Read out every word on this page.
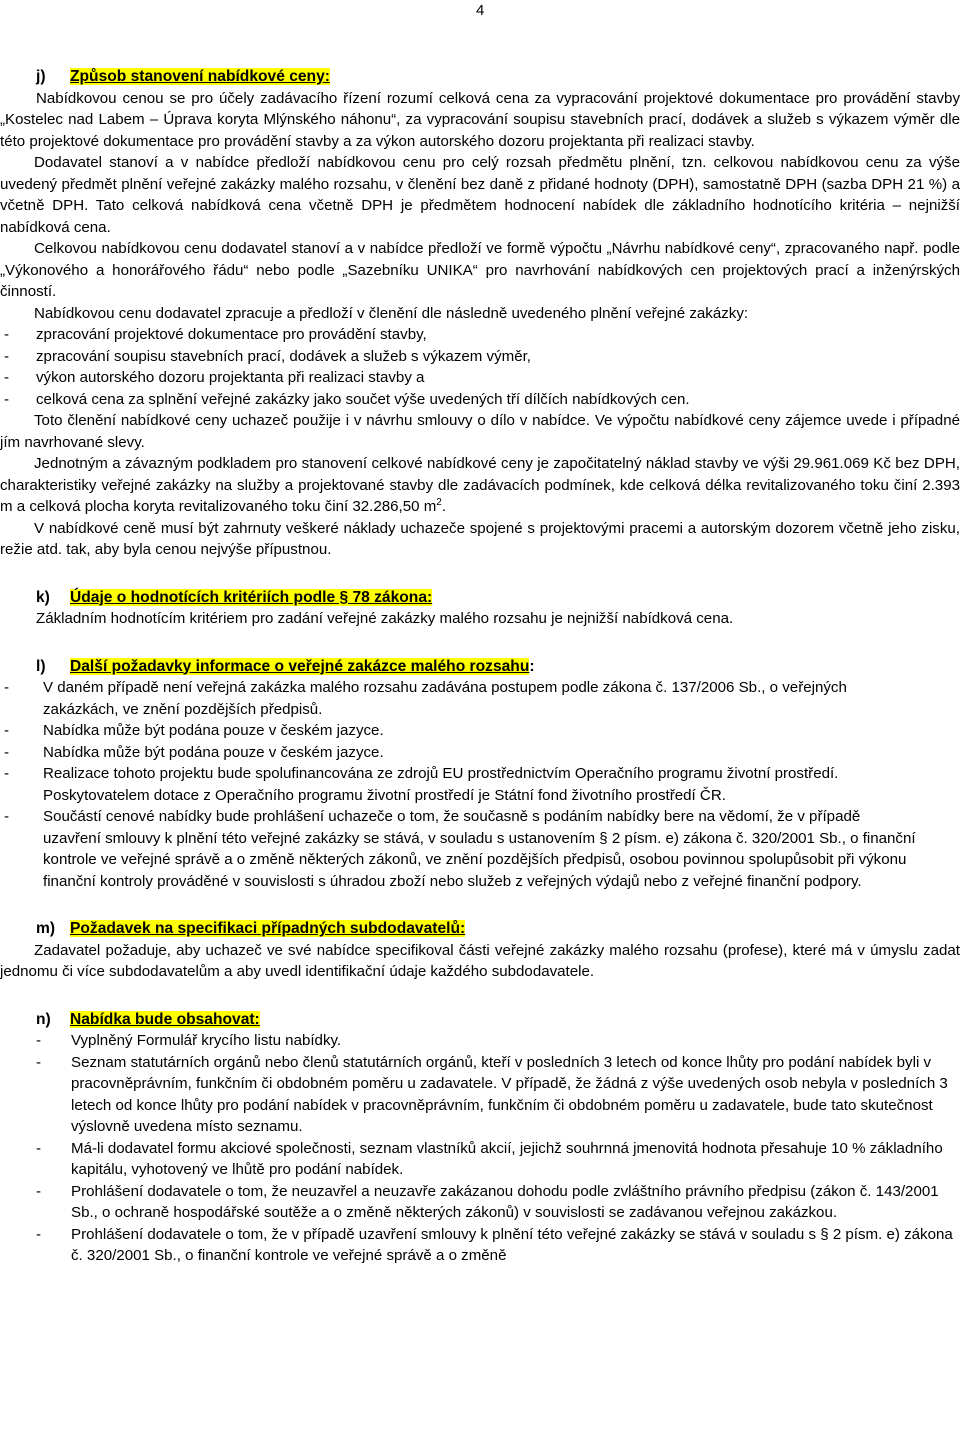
4
j) Způsob stanovení nabídkové ceny:

Nabídkovou cenou se pro účely zadávacího řízení rozumí celková cena za vypracování projektové dokumentace pro provádění stavby „Kostelec nad Labem – Úprava koryta Mlýnského náhonu“, za vypracování soupisu stavebních prací, dodávek a služeb s výkazem výměr dle této projektové dokumentace pro provádění stavby a za výkon autorského dozoru projektanta při realizaci stavby.

Dodavatel stanoví a v nabídce předloží nabídkovou cenu pro celý rozsah předmětu plnění, tzn. celkovou nabídkovou cenu za výše uvedený předmět plnění veřejné zakázky malého rozsahu, v členění bez daně z přidané hodnoty (DPH), samostatně DPH (sazba DPH 21 %) a včetně DPH. Tato celková nabídková cena včetně DPH je předmětem hodnocení nabídek dle základního hodnotícího kritéria – nejnižší nabídková cena.

Celkovou nabídkovou cenu dodavatel stanoví a v nabídce předloží ve formě výpočtu „Návrhu nabídkové ceny“, zpracovaného např. podle „Výkonového a honorářového řádu“ nebo podle „Sazebníku UNIKA“ pro navrhování nabídkových cen projektových prací a inženýrských činností.

Nabídkovou cenu dodavatel zpracuje a předloží v členění dle následně uvedeného plnění veřejné zakázky:

- zpracování projektové dokumentace pro provádění stavby,
- zpracování soupisu stavebních prací, dodávek a služeb s výkazem výměr,
- výkon autorského dozoru projektanta při realizaci stavby a
- celková cena za splnění veřejné zakázky jako součet výše uvedených tří dílčích nabídkových cen.

Toto členění nabídkové ceny uchazeč použije i v návrhu smlouvy o dílo v nabídce. Ve výpočtu nabídkové ceny zájemce uvede i případné jím navrhované slevy.

Jednotným a závazným podkladem pro stanovení celkové nabídkové ceny je započitatelný náklad stavby ve výši 29.961.069 Kč bez DPH, charakteristiky veřejné zakázky na služby a projektované stavby dle zadávacích podmínek, kde celková délka revitalizovaného toku činí 2.393 m a celková plocha koryta revitalizovaného toku činí 32.286,50 $m^2$.

V nabídkové ceně musí být zahrnuty veškeré náklady uchazeče spojené s projektovými pracemi a autorským dozorem včetně jeho zisku, režie atd. tak, aby byla cenou nejvýše přípustnou.

k) Údaje o hodnotících kritériích podle § 78 zákona:

Základním hodnotícím kritériem pro zadání veřejné zakázky malého rozsahu je nejnižší nabídková cena.

l) Další požadavky informace o veřejné zakázce malého rozsahu:
- V daném případě není veřejná zakázka malého rozsahu zadávána postupem podle zákona č. 137/2006 Sb., o veřejných zakázkách, ve znění pozdějších předpisů.
- Nabídka může být podána pouze v českém jazyce.
- Nabídka může být podána pouze v českém jazyce.
- Realizace tohoto projektu bude spolufinancována ze zdrojů EU prostřednictvím Operačního programu životní prostředí. Poskytovatelem dotace z Operačního programu životní prostředí je Státní fond životního prostředí ČR.
- Součástí cenové nabídky bude prohlášení uchazeče o tom, že současně s podáním nabídky bere na vědomí, že v případě uzavření smlouvy k plnění této veřejné zakázky se stává, v souladu s ustanovením § 2 písm. e) zákona č. 320/2001 Sb., o finanční kontrole ve veřejné správě a o změně některých zákonů, ve znění pozdějších předpisů, osobou povinnou spolupůsobit při výkonu finanční kontroly prováděné v souvislosti s úhradou zboží nebo služeb z veřejných výdajů nebo z veřejné finanční podpory.
m) Požadavek na specifikaci případných subdodavatelů:

Zadavatel požaduje, aby uchazeč ve své nabídce specifikoval části veřejné zakázky malého rozsahu (profese), které má v úmyslu zadat jednomu či více subdodavatelům a aby uvedl identifikační údaje každého subdodavatele.

n) Nabídka bude obsahovat:
- Vyplněný Formulář krycího listu nabídky.
- Seznam statutárních orgánů nebo členů statutárních orgánů, kteří v posledních 3 letech od konce lhůty pro podání nabídek byli v pracovněprávním, funkčním či obdobném poměru u zadavatele. V případě, že žádná z výše uvedených osob nebyla v posledních 3 letech od konce lhůty pro podání nabídek v pracovněprávním, funkčním či obdobném poměru u zadavatele, bude tato skutečnost výslovně uvedena místo seznamu.
- Má-li dodavatel formu akciové společnosti, seznam vlastníků akcií, jejichž souhrnná jmenovitá hodnota přesahuje 10 % základního kapitálu, vyhotovený ve lhůtě pro podání nabídek.
- Prohlášení dodavatele o tom, že neuzavřel a neuzavře zakázanou dohodu podle zvláštního právního předpisu (zákon č. 143/2001 Sb., o ochraně hospodářské soutěže a o změně některých zákonů) v souvislosti se zadávanou veřejnou zakázkou.
- Prohlášení dodavatele o tom, že v případě uzavření smlouvy k plnění této veřejné zakázky se stává v souladu s § 2 písm. e) zákona č. 320/2001 Sb., o finanční kontrole ve veřejné správě a o změně
